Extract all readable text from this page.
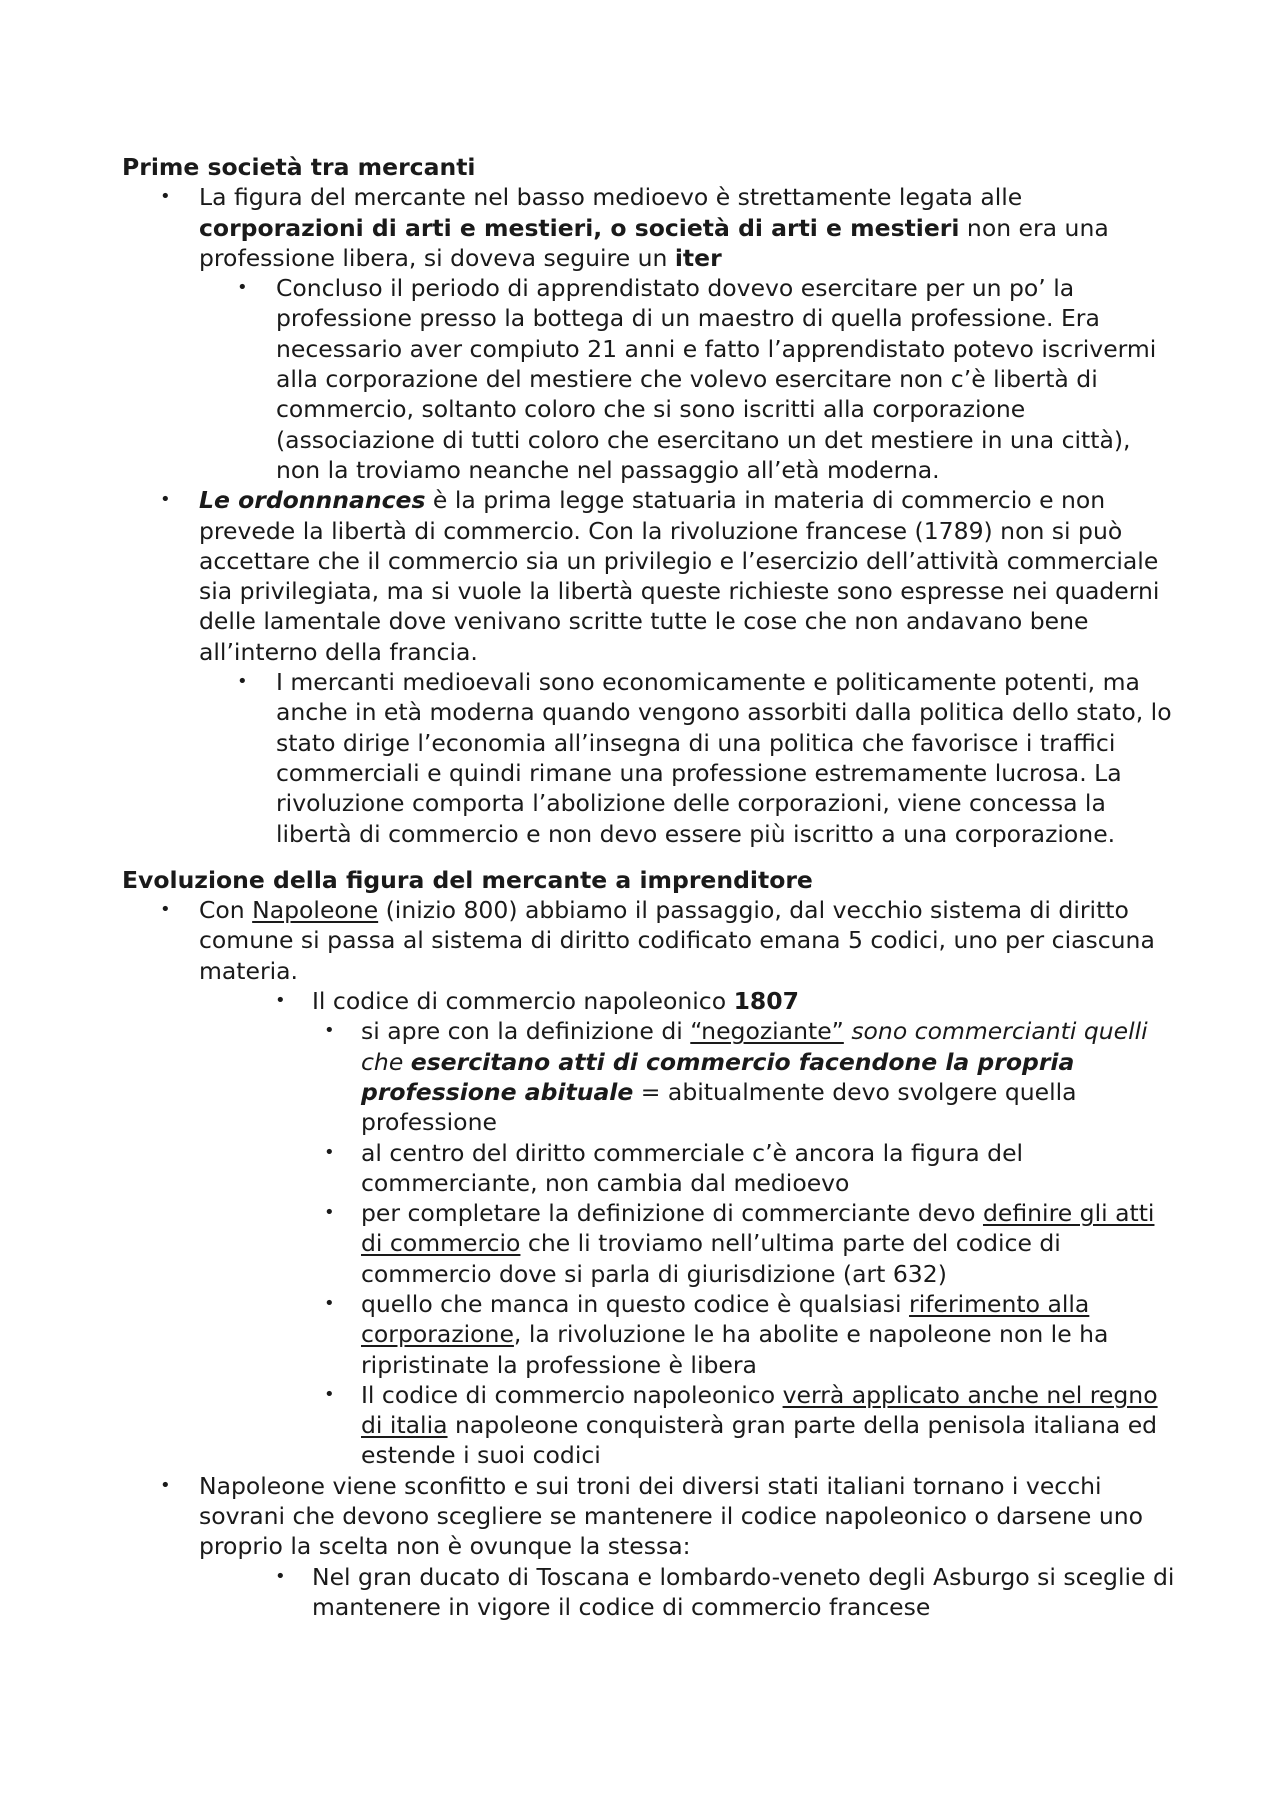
Prime società tra mercanti
• La figura del mercante nel basso medioevo è strettamente legata alle corporazioni di arti e mestieri, o società di arti e mestieri non era una professione libera, si doveva seguire un iter
• Concluso il periodo di apprendistato dovevo esercitare per un po’ la professione presso la bottega di un maestro di quella professione. Era necessario aver compiuto 21 anni e fatto l’apprendistato potevo iscrivermi alla corporazione del mestiere che volevo esercitare non c’è libertà di commercio, soltanto coloro che si sono iscritti alla corporazione (associazione di tutti coloro che esercitano un det mestiere in una città), non la troviamo neanche nel passaggio all’età moderna.
• Le ordonnnances è la prima legge statuaria in materia di commercio e non prevede la libertà di commercio. Con la rivoluzione francese (1789) non si può accettare che il commercio sia un privilegio e l’esercizio dell’attività commerciale sia privilegiata, ma si vuole la libertà queste richieste sono espresse nei quaderni delle lamentale dove venivano scritte tutte le cose che non andavano bene all’interno della francia.
• I mercanti medioevali sono economicamente e politicamente potenti, ma anche in età moderna quando vengono assorbiti dalla politica dello stato, lo stato dirige l’economia all’insegna di una politica che favorisce i traffici commerciali e quindi rimane una professione estremamente lucrosa. La rivoluzione comporta l’abolizione delle corporazioni, viene concessa la libertà di commercio e non devo essere più iscritto a una corporazione.
Evoluzione della figura del mercante a imprenditore
• Con Napoleone (inizio 800) abbiamo il passaggio, dal vecchio sistema di diritto comune si passa al sistema di diritto codificato emana 5 codici, uno per ciascuna materia.
• Il codice di commercio napoleonico 1807
• si apre con la definizione di “negoziante” sono commercianti quelli che esercitano atti di commercio facendone la propria professione abituale = abitualmente devo svolgere quella professione
• al centro del diritto commerciale c’è ancora la figura del commerciante, non cambia dal medioevo
• per completare la definizione di commerciante devo definire gli atti di commercio che li troviamo nell’ultima parte del codice di commercio dove si parla di giurisdizione (art 632)
• quello che manca in questo codice è qualsiasi riferimento alla corporazione, la rivoluzione le ha abolite e napoleone non le ha ripristinate la professione è libera
• Il codice di commercio napoleonico verrà applicato anche nel regno di italia napoleone conquisterà gran parte della penisola italiana ed estende i suoi codici
• Napoleone viene sconfitto e sui troni dei diversi stati italiani tornano i vecchi sovrani che devono scegliere se mantenere il codice napoleonico o darsene uno proprio la scelta non è ovunque la stessa:
• Nel gran ducato di Toscana e lombardo-veneto degli Asburgo si sceglie di mantenere in vigore il codice di commercio francese
